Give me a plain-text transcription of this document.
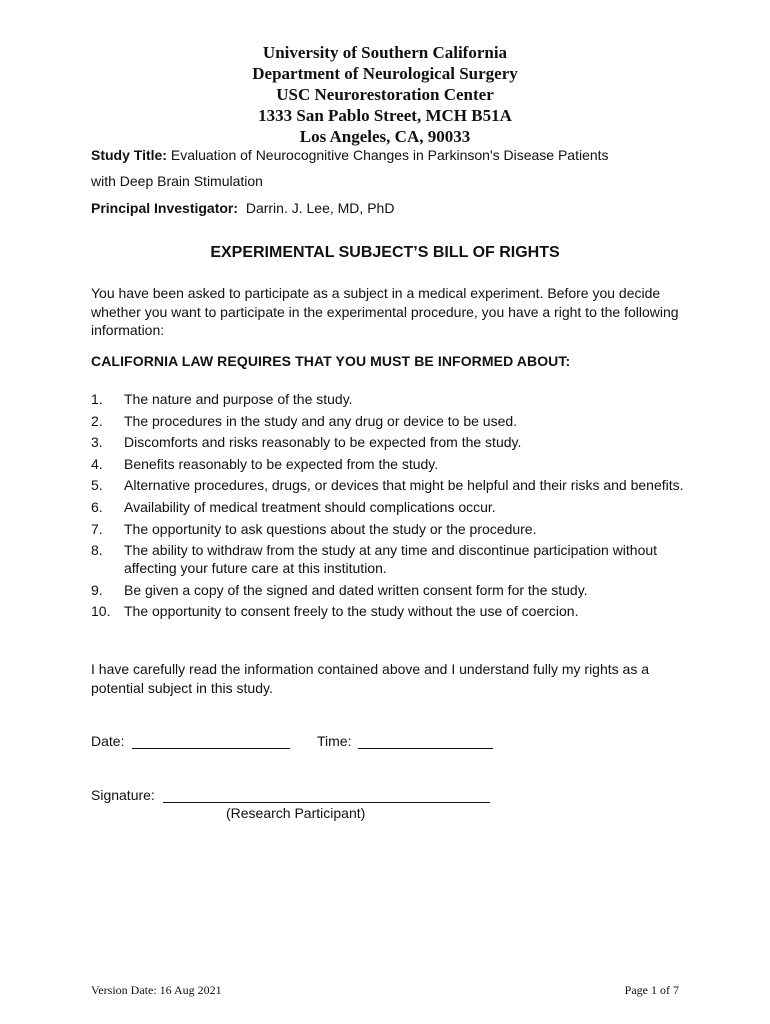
University of Southern California
Department of Neurological Surgery
USC Neurorestoration Center
1333 San Pablo Street, MCH B51A
Los Angeles, CA, 90033
Study Title: Evaluation of Neurocognitive Changes in Parkinson's Disease Patients
with Deep Brain Stimulation
Principal Investigator: Darrin. J. Lee, MD, PhD
EXPERIMENTAL SUBJECT’S BILL OF RIGHTS
You have been asked to participate as a subject in a medical experiment. Before you decide whether you want to participate in the experimental procedure, you have a right to the following information:
CALIFORNIA LAW REQUIRES THAT YOU MUST BE INFORMED ABOUT:
1.	The nature and purpose of the study.
2.	The procedures in the study and any drug or device to be used.
3.	Discomforts and risks reasonably to be expected from the study.
4.	Benefits reasonably to be expected from the study.
5.	Alternative procedures, drugs, or devices that might be helpful and their risks and benefits.
6.	Availability of medical treatment should complications occur.
7.	The opportunity to ask questions about the study or the procedure.
8.	The ability to withdraw from the study at any time and discontinue participation without affecting your future care at this institution.
9.	Be given a copy of the signed and dated written consent form for the study.
10. The opportunity to consent freely to the study without the use of coercion.
I have carefully read the information contained above and I understand fully my rights as a potential subject in this study.
Date:	Time:
Signature:
(Research Participant)
Version Date: 16 Aug 2021	Page 1 of 7
